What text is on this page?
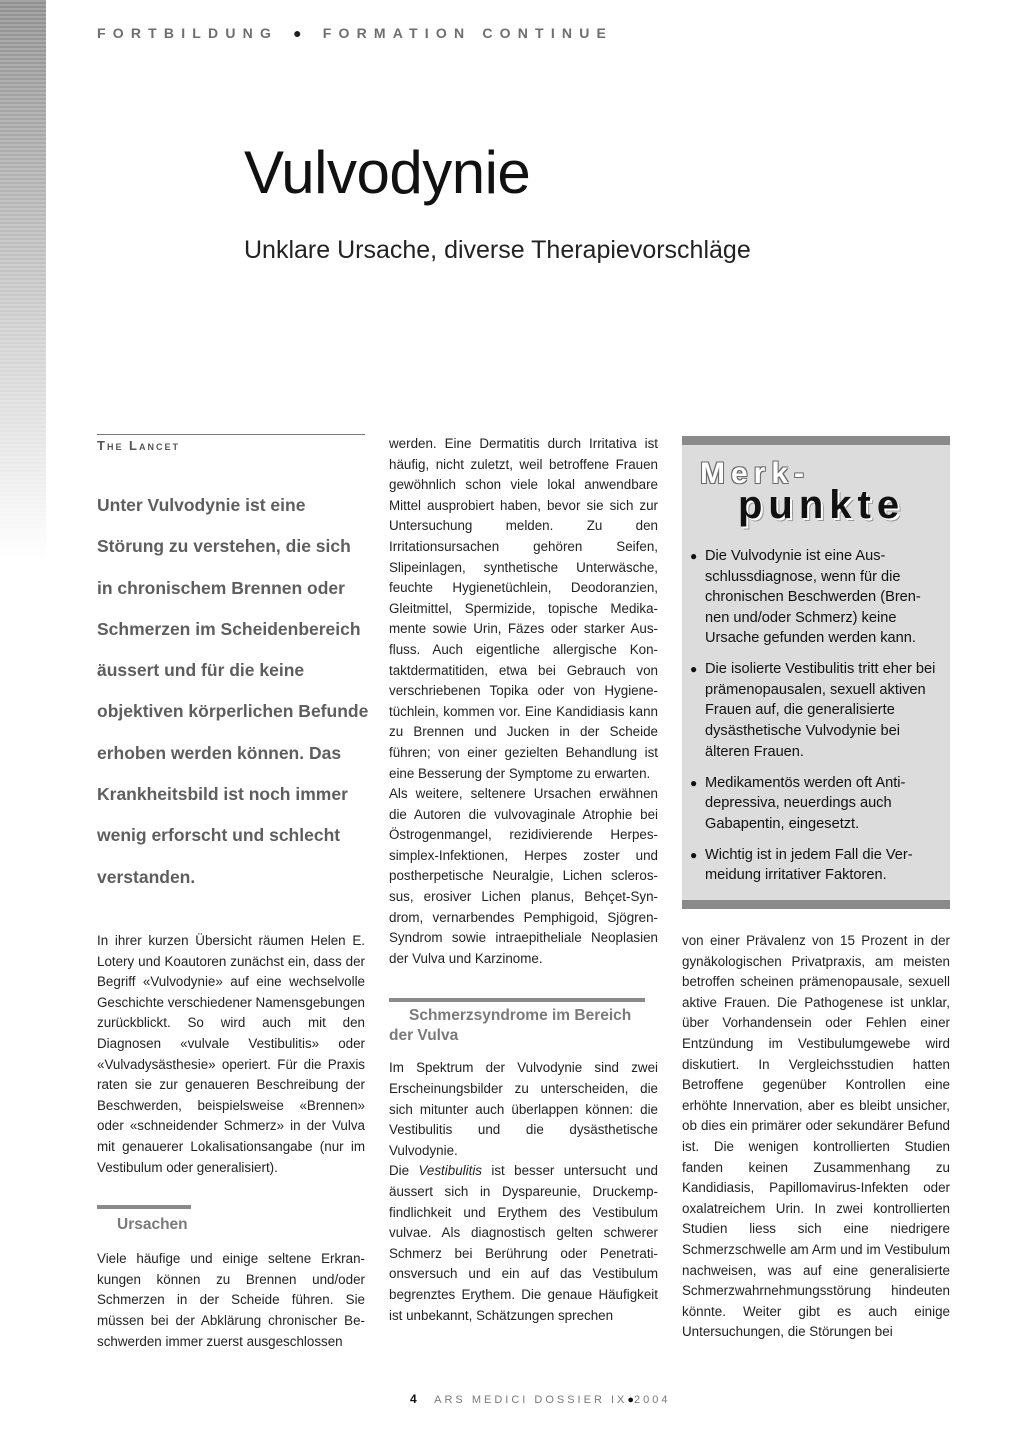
FORTBILDUNG ● FORMATION CONTINUE
Vulvodynie
Unklare Ursache, diverse Therapievorschläge
The Lancet
Unter Vulvodynie ist eine Störung zu verstehen, die sich in chronischem Brennen oder Schmerzen im Scheidenbereich äussert und für die keine objektiven körperlichen Befunde erhoben werden können. Das Krankheitsbild ist noch immer wenig erforscht und schlecht verstanden.

In ihrer kurzen Übersicht räumen Helen E. Lotery und Koautoren zunächst ein, dass der Begriff «Vulvodynie» auf eine wechselvolle Geschichte verschiedener Namensgebungen zurückblickt. So wird auch mit den Diagnosen «vulvale Vestibulitis» oder «Vulvadysästhesie» operiert. Für die Praxis raten sie zur genaueren Beschreibung der Beschwerden, beispielsweise «Brennen» oder «schneidender Schmerz» in der Vulva mit genauerer Lokalisationsangabe (nur im Vestibulum oder generalisiert).

Ursachen

Viele häufige und einige seltene Erkrankungen können zu Brennen und/oder Schmerzen in der Scheide führen. Sie müssen bei der Abklärung chronischer Beschwerden immer zuerst ausgeschlossen

werden. Eine Dermatitis durch Irritativa ist häufig, nicht zuletzt, weil betroffene Frauen gewöhnlich schon viele lokal anwendbare Mittel ausprobiert haben, bevor sie sich zur Untersuchung melden. Zu den Irritationsursachen gehören Seifen, Slipeinlagen, synthetische Unterwäsche, feuchte Hygienetüchlein, Deodoranzien, Gleitmittel, Spermizide, topische Medikamente sowie Urin, Fäzes oder starker Ausfluss. Auch eigentliche allergische Kontaktdermatitiden, etwa bei Gebrauch von verschriebenen Topika oder von Hygienetüchlein, kommen vor. Eine Kandidiasis kann zu Brennen und Jucken in der Scheide führen; von einer gezielten Behandlung ist eine Besserung der Symptome zu erwarten.

Als weitere, seltenere Ursachen erwähnen die Autoren die vulvovaginale Atrophie bei Östrogenmangel, rezidivierende Herpes-simplex-Infektionen, Herpes zoster und postherpetische Neuralgie, Lichen sclerossus, erosiver Lichen planus, Behçet-Syndrom, vernarbendes Pemphigoid, Sjögren-Syndrom sowie intraepitheliale Neoplasien der Vulva und Karzinome.

Schmerzsyndrome im Bereich
der Vulva

Im Spektrum der Vulvodynie sind zwei Erscheinungsbilder zu unterscheiden, die sich mitunter auch überlappen können: die Vestibulitis und die dysästhetische Vulvodynie.

Die Vestibulitis ist besser untersucht und äussert sich in Dyspareunie, Druckempfindlichkeit und Erythem des Vestibulum vulvae. Als diagnostisch gelten schwerer Schmerz bei Berührung oder Penetrationsversuch und ein auf das Vestibulum begrenztes Erythem. Die genaue Häufigkeit ist unbekannt, Schätzungen sprechen

Merk-
punkte
● Die Vulvodynie ist eine Ausschlussdiagnose, wenn für die chronischen Beschwerden (Brennen und/oder Schmerz) keine Ursache gefunden werden kann.
● Die isolierte Vestibulitis tritt eher bei prämenopausalen, sexuell aktiven Frauen auf, die generalisierte dysästhetische Vulvodynie bei älteren Frauen.
● Medikamentös werden oft Antidepressiva, neuerdings auch Gabapentin, eingesetzt.
● Wichtig ist in jedem Fall die Vermeidung irritativer Faktoren.

von einer Prävalenz von 15 Prozent in der gynäkologischen Privatpraxis, am meisten betroffen scheinen prämenopausale, sexuell aktive Frauen. Die Pathogenese ist unklar, über Vorhandensein oder Fehlen einer Entzündung im Vestibulumgewebe wird diskutiert. In Vergleichsstudien hatten Betroffene gegenüber Kontrollen eine erhöhte Innervation, aber es bleibt unsicher, ob dies ein primärer oder sekundärer Befund ist. Die wenigen kontrollierten Studien fanden keinen Zusammenhang zu Kandidiasis, Papillomavirus-Infekten oder oxalatreichem Urin. In zwei kontrollierten Studien liess sich eine niedrigere Schmerzschwelle am Arm und im Vestibulum nachweisen, was auf eine generalisierte Schmerzwahrnehmungsstörung hindeuten könnte. Weiter gibt es auch einige Untersuchungen, die Störungen bei

4 ARS MEDICI DOSSIER IX●2004
